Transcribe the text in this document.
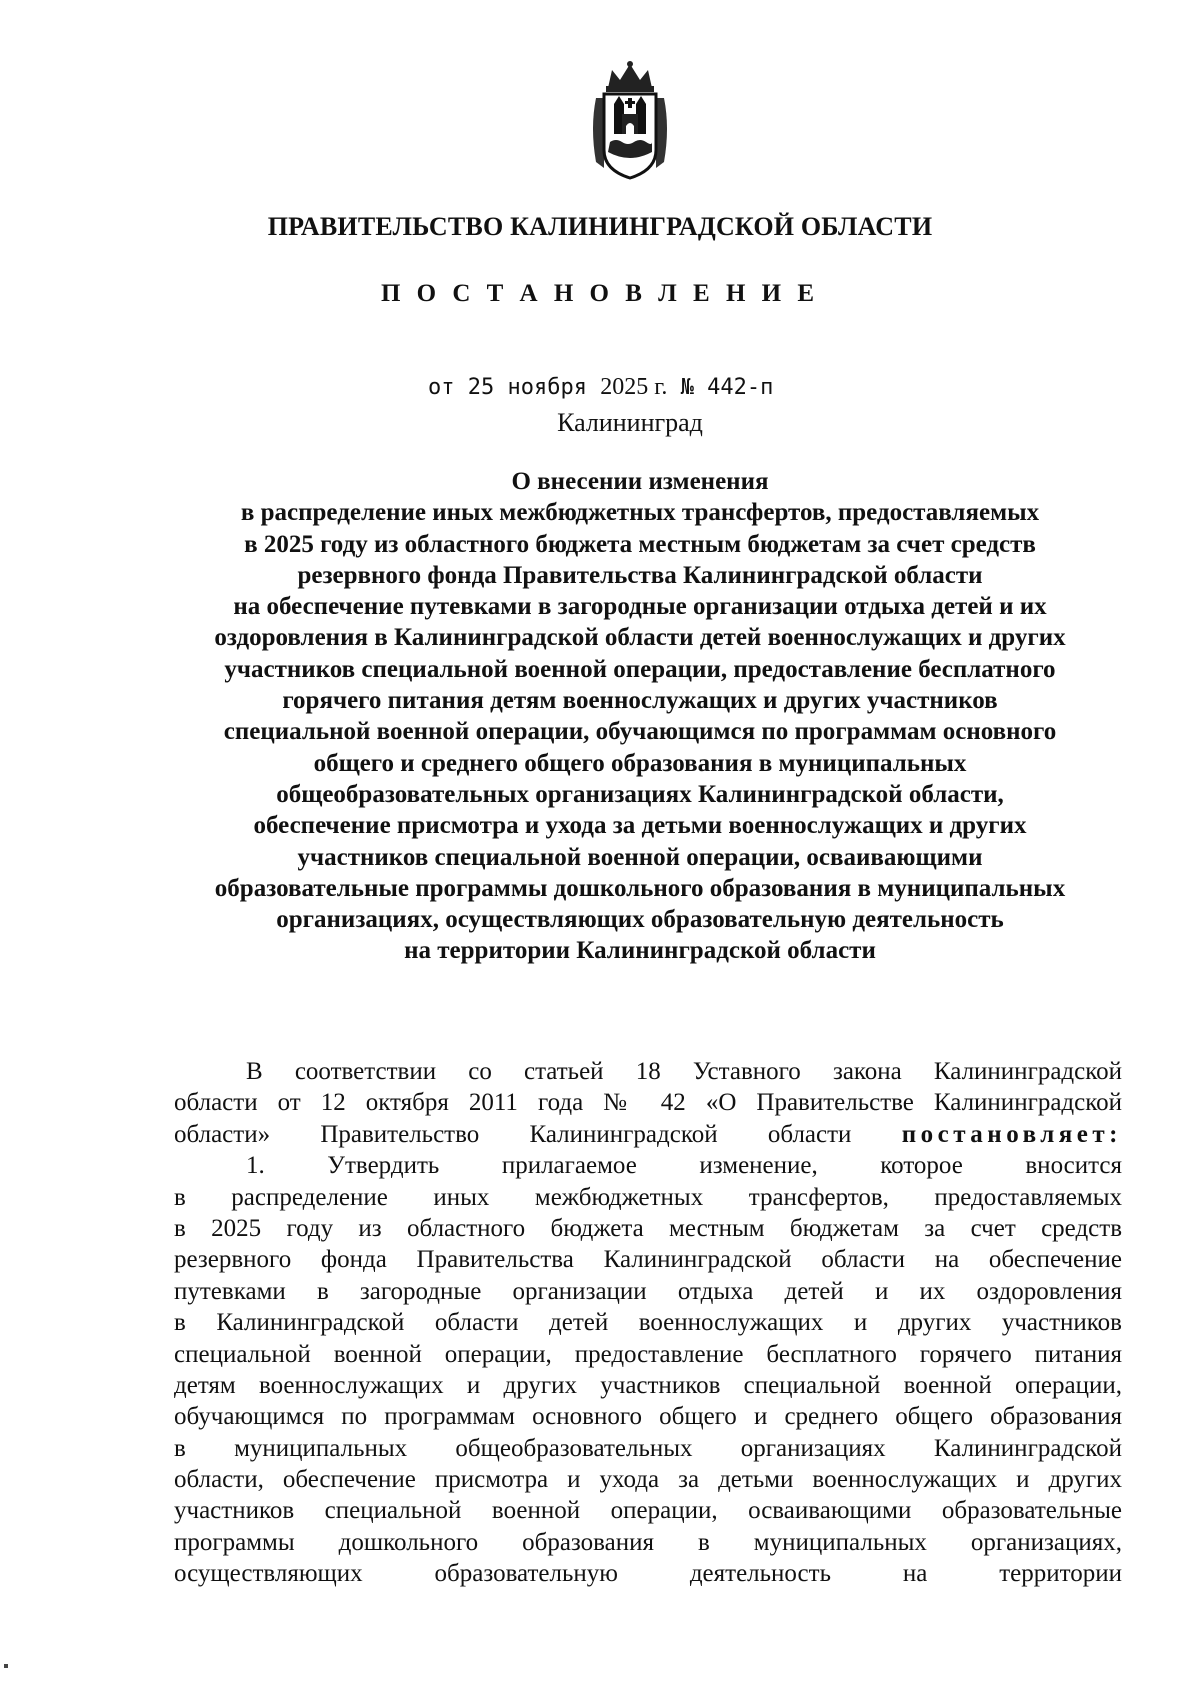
ПРАВИТЕЛЬСТВО КАЛИНИНГРАДСКОЙ ОБЛАСТИ
П О С Т А Н О В Л Е Н И Е
от 25 ноября 2025 г. № 442-п
Калининград
О внесении изменения
в распределение иных межбюджетных трансфертов, предоставляемых
в 2025 году из областного бюджета местным бюджетам за счет средств
резервного фонда Правительства Калининградской области
на обеспечение путевками в загородные организации отдыха детей и их
оздоровления в Калининградской области детей военнослужащих и других
участников специальной военной операции, предоставление бесплатного
горячего питания детям военнослужащих и других участников
специальной военной операции, обучающимся по программам основного
общего и среднего общего образования в муниципальных
общеобразовательных организациях Калининградской области,
обеспечение присмотра и ухода за детьми военнослужащих и других
участников специальной военной операции, осваивающими
образовательные программы дошкольного образования в муниципальных
организациях, осуществляющих образовательную деятельность
на территории Калининградской области
В соответствии со статьей 18 Уставного закона Калининградской
области от 12 октября 2011 года № 42 «О Правительстве Калининградской
области» Правительство Калининградской области постановляет:
1. Утвердить прилагаемое изменение, которое вносится
в распределение иных межбюджетных трансфертов, предоставляемых
в 2025 году из областного бюджета местным бюджетам за счет средств
резервного фонда Правительства Калининградской области на обеспечение
путевками в загородные организации отдыха детей и их оздоровления
в Калининградской области детей военнослужащих и других участников
специальной военной операции, предоставление бесплатного горячего питания
детям военнослужащих и других участников специальной военной операции,
обучающимся по программам основного общего и среднего общего образования
в муниципальных общеобразовательных организациях Калининградской
области, обеспечение присмотра и ухода за детьми военнослужащих и других
участников специальной военной операции, осваивающими образовательные
программы дошкольного образования в муниципальных организациях,
осуществляющих образовательную деятельность на территории
